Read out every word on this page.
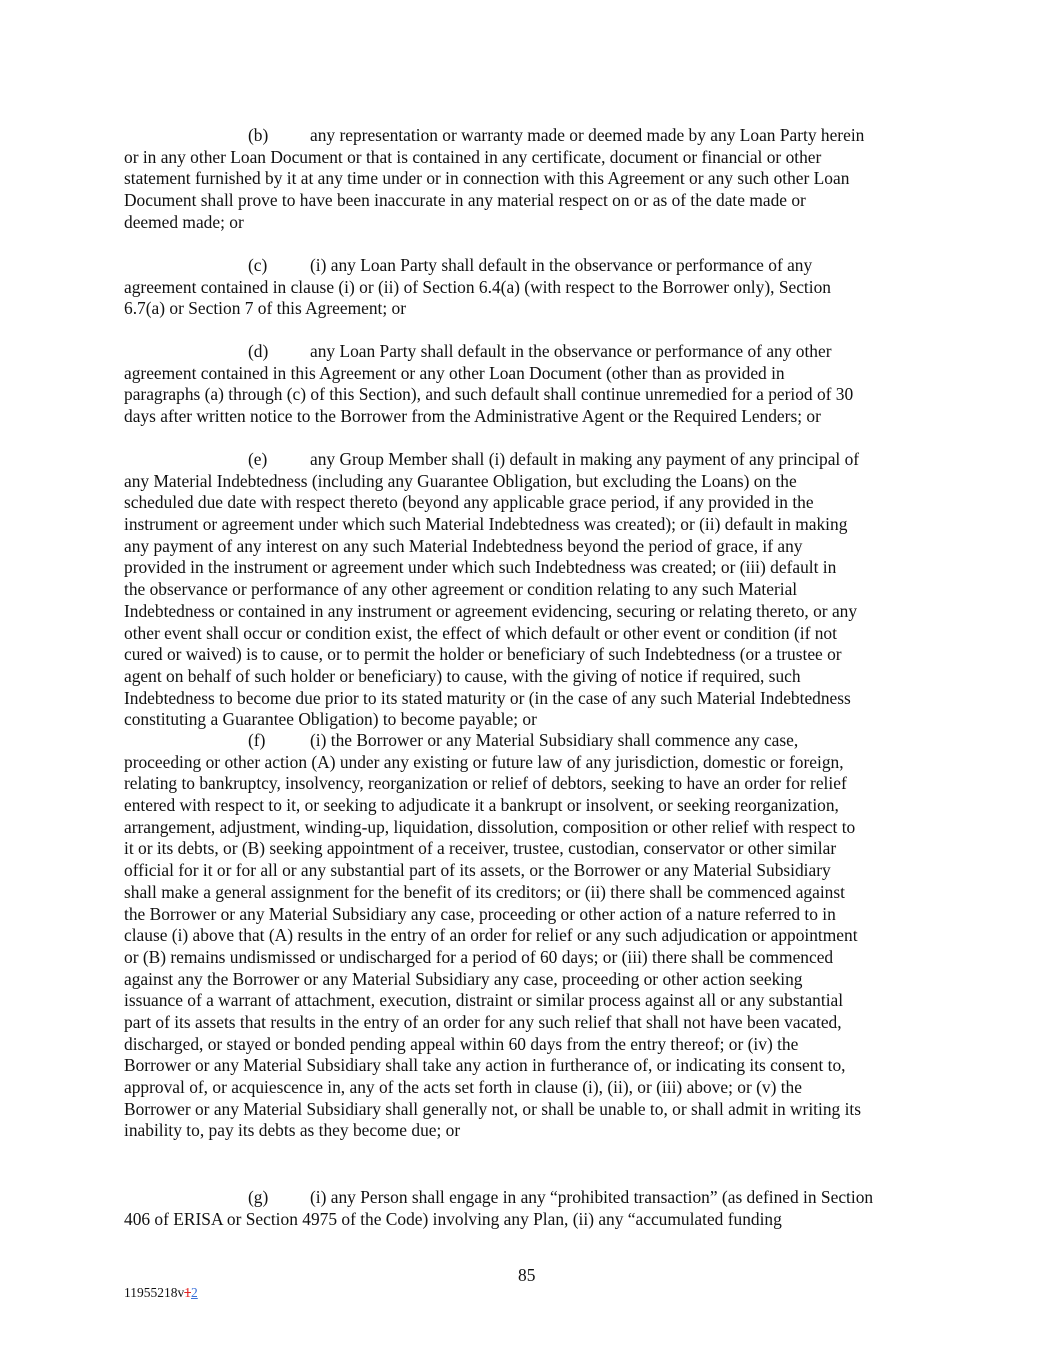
(b) any representation or warranty made or deemed made by any Loan Party herein
or in any other Loan Document or that is contained in any certificate, document or financial or other
statement furnished by it at any time under or in connection with this Agreement or any such other Loan
Document shall prove to have been inaccurate in any material respect on or as of the date made or
deemed made; or
(c) (i) any Loan Party shall default in the observance or performance of any
agreement contained in clause (i) or (ii) of Section 6.4(a) (with respect to the Borrower only), Section
6.7(a) or Section 7 of this Agreement; or
(d) any Loan Party shall default in the observance or performance of any other
agreement contained in this Agreement or any other Loan Document (other than as provided in
paragraphs (a) through (c) of this Section), and such default shall continue unremedied for a period of 30
days after written notice to the Borrower from the Administrative Agent or the Required Lenders; or
(e) any Group Member shall (i) default in making any payment of any principal of
any Material Indebtedness (including any Guarantee Obligation, but excluding the Loans) on the
scheduled due date with respect thereto (beyond any applicable grace period, if any provided in the
instrument or agreement under which such Material Indebtedness was created); or (ii) default in making
any payment of any interest on any such Material Indebtedness beyond the period of grace, if any
provided in the instrument or agreement under which such Indebtedness was created; or (iii) default in
the observance or performance of any other agreement or condition relating to any such Material
Indebtedness or contained in any instrument or agreement evidencing, securing or relating thereto, or any
other event shall occur or condition exist, the effect of which default or other event or condition (if not
cured or waived) is to cause, or to permit the holder or beneficiary of such Indebtedness (or a trustee or
agent on behalf of such holder or beneficiary) to cause, with the giving of notice if required, such
Indebtedness to become due prior to its stated maturity or (in the case of any such Material Indebtedness
constituting a Guarantee Obligation) to become payable; or
(f)	(i) the Borrower or any Material Subsidiary shall commence any case,
proceeding or other action (A) under any existing or future law of any jurisdiction, domestic or foreign,
relating to bankruptcy, insolvency, reorganization or relief of debtors, seeking to have an order for relief
entered with respect to it, or seeking to adjudicate it a bankrupt or insolvent, or seeking reorganization,
arrangement, adjustment, winding-up, liquidation, dissolution, composition or other relief with respect to
it or its debts, or (B) seeking appointment of a receiver, trustee, custodian, conservator or other similar
official for it or for all or any substantial part of its assets, or the Borrower or any Material Subsidiary
shall make a general assignment for the benefit of its creditors; or (ii) there shall be commenced against
the Borrower or any Material Subsidiary any case, proceeding or other action of a nature referred to in
clause (i) above that (A) results in the entry of an order for relief or any such adjudication or appointment
or (B) remains undismissed or undischarged for a period of 60 days; or (iii) there shall be commenced
against any the Borrower or any Material Subsidiary any case, proceeding or other action seeking
issuance of a warrant of attachment, execution, distraint or similar process against all or any substantial
part of its assets that results in the entry of an order for any such relief that shall not have been vacated,
discharged, or stayed or bonded pending appeal within 60 days from the entry thereof; or (iv) the
Borrower or any Material Subsidiary shall take any action in furtherance of, or indicating its consent to,
approval of, or acquiescence in, any of the acts set forth in clause (i), (ii), or (iii) above; or (v) the
Borrower or any Material Subsidiary shall generally not, or shall be unable to, or shall admit in writing its
inability to, pay its debts as they become due; or
(g) (i) any Person shall engage in any “prohibited transaction” (as defined in Section
406 of ERISA or Section 4975 of the Code) involving any Plan, (ii) any “accumulated funding
85
11955218v12
